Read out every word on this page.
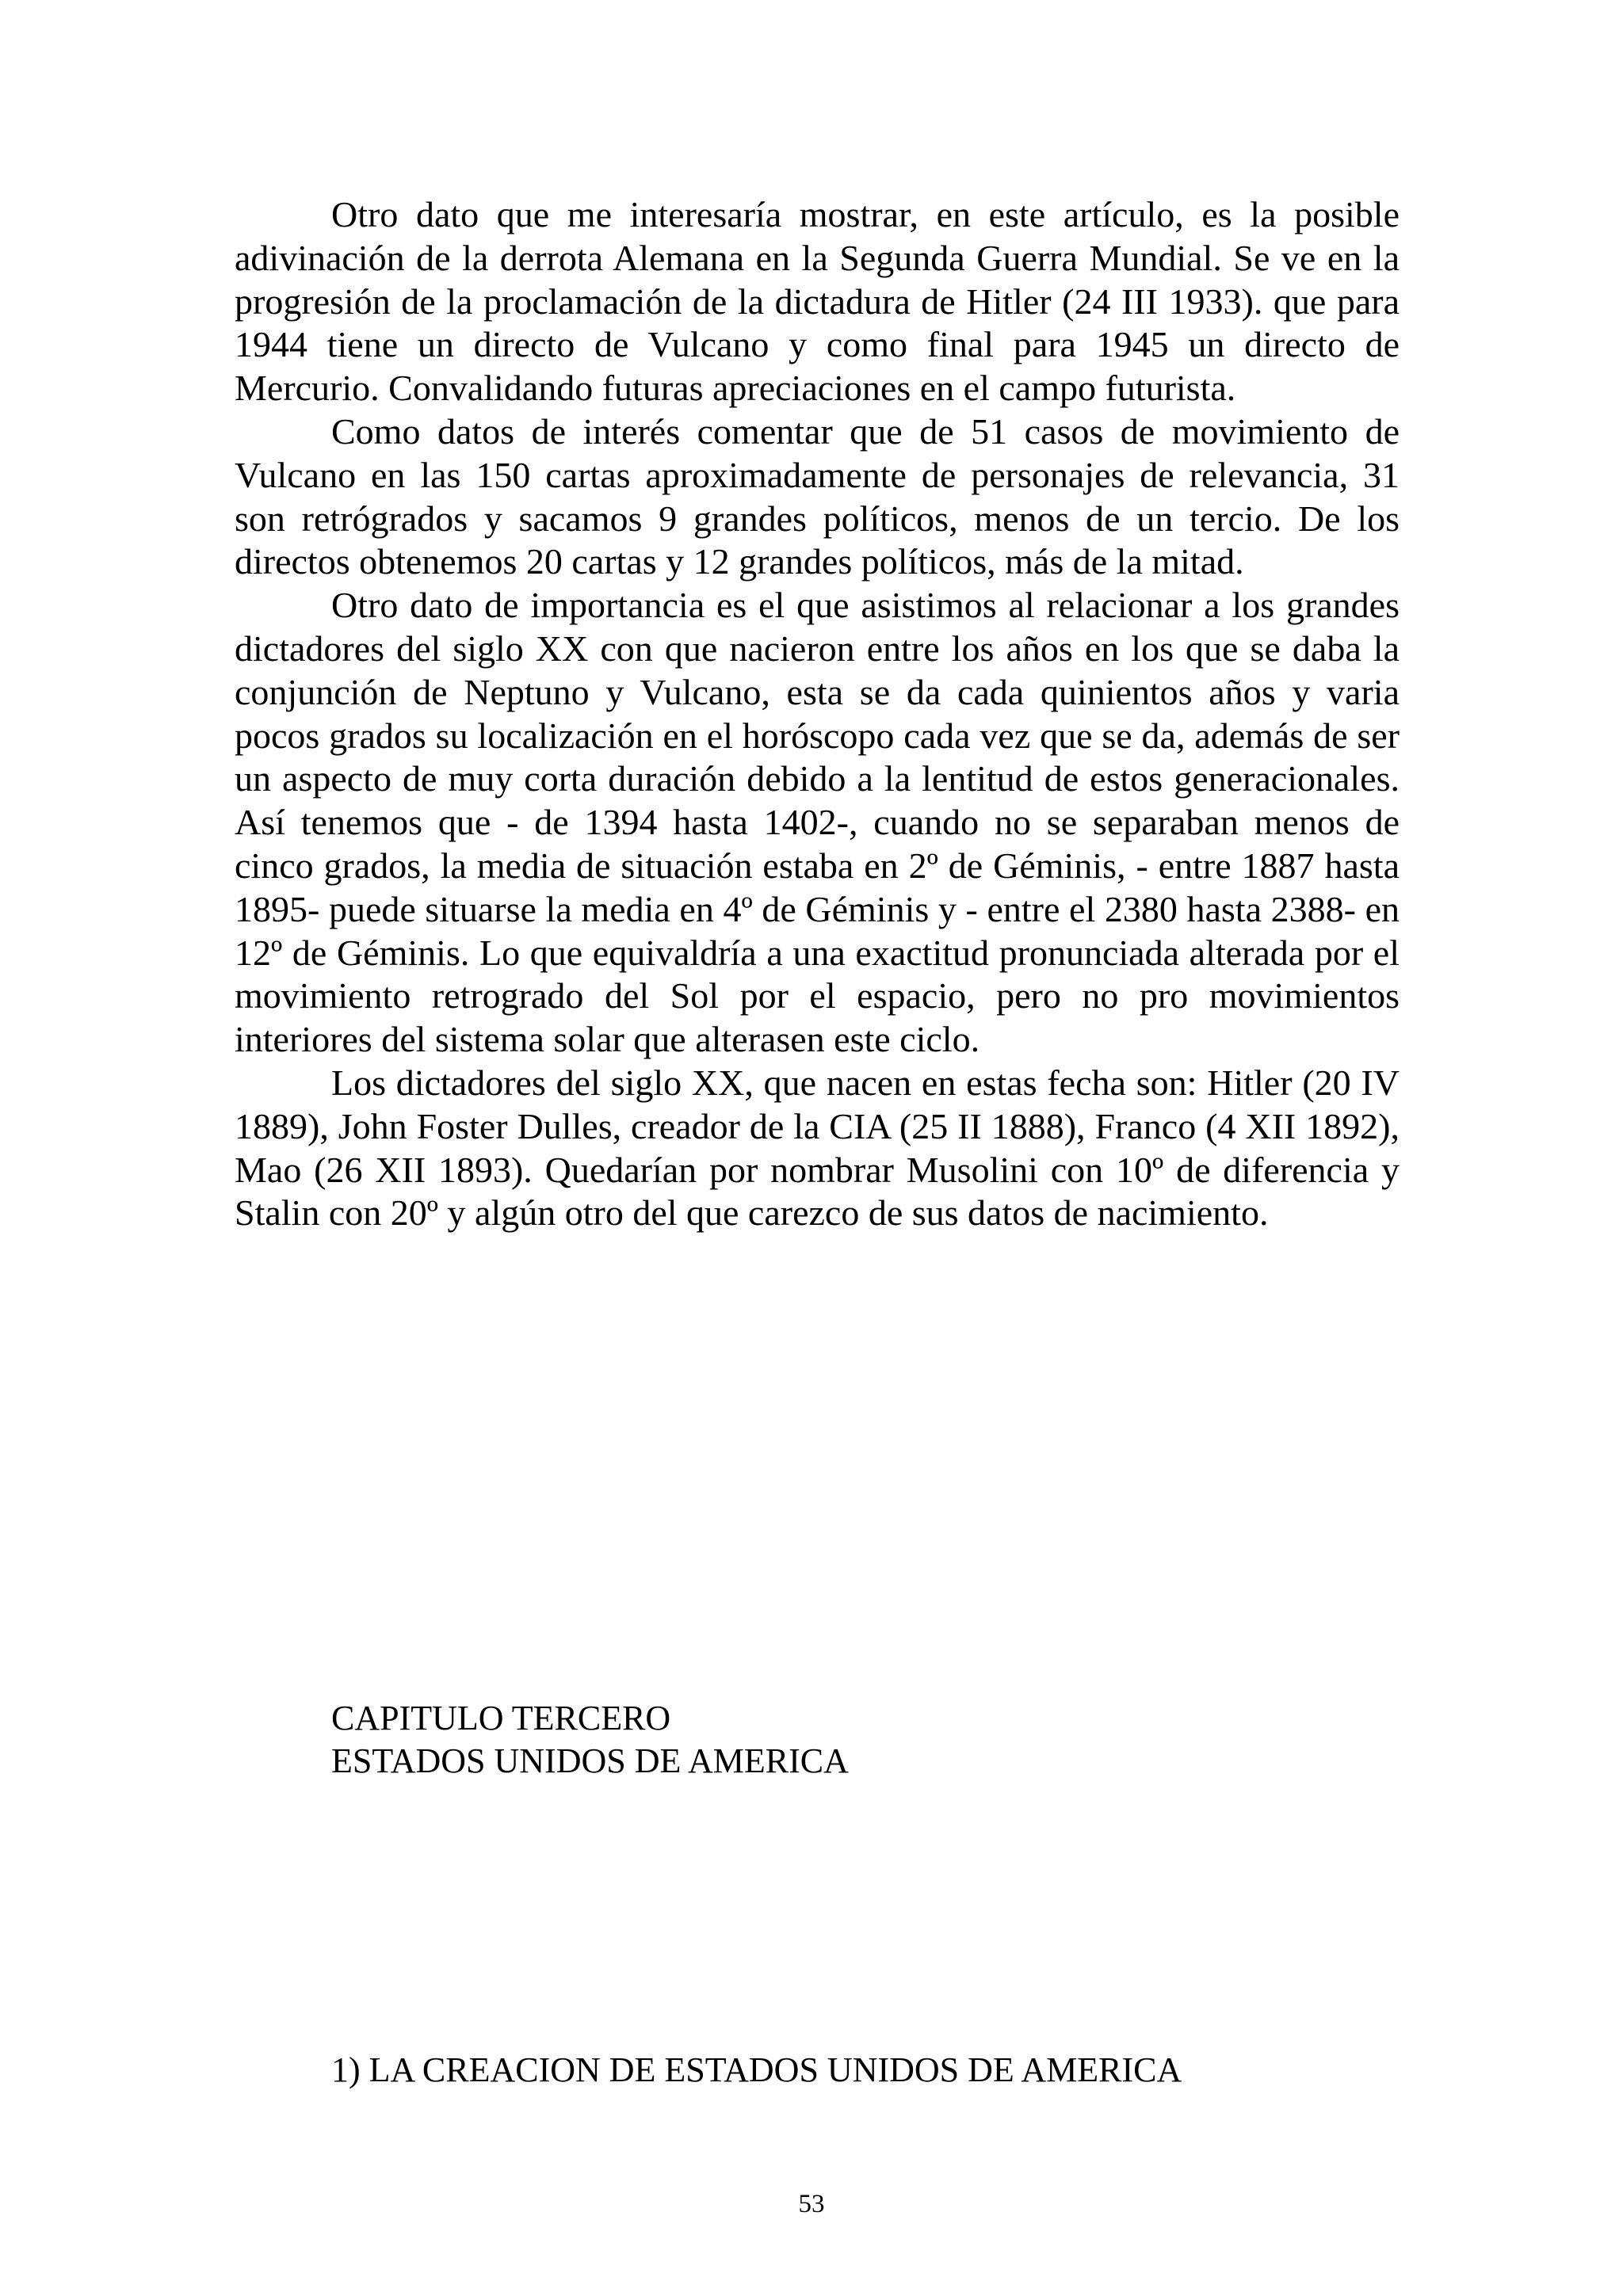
Otro dato que me interesaría mostrar, en este artículo, es la posible adivinación de la derrota Alemana en la Segunda Guerra Mundial. Se ve en la progresión de la proclamación de la dictadura de Hitler (24 III 1933). que para 1944 tiene un directo de Vulcano y como final para 1945 un directo de Mercurio. Convalidando futuras apreciaciones en el campo futurista.

Como datos de interés comentar que de 51 casos de movimiento de Vulcano en las 150 cartas aproximadamente de personajes de relevancia, 31 son retrógrados y sacamos 9 grandes políticos, menos de un tercio. De los directos obtenemos 20 cartas y 12 grandes políticos, más de la mitad.

Otro dato de importancia es el que asistimos al relacionar a los grandes dictadores del siglo XX con que nacieron entre los años en los que se daba la conjunción de Neptuno y Vulcano, esta se da cada quinientos años y varia pocos grados su localización en el horóscopo cada vez que se da, además de ser un aspecto de muy corta duración debido a la lentitud de estos generacionales. Así tenemos que - de 1394 hasta 1402-, cuando no se separaban menos de cinco grados, la media de situación estaba en 2º de Géminis, - entre 1887 hasta 1895- puede situarse la media en 4º de Géminis y - entre el 2380 hasta 2388- en 12º de Géminis. Lo que equivaldría a una exactitud pronunciada alterada por el movimiento retrogrado del Sol por el espacio, pero no pro movimientos interiores del sistema solar que alterasen este ciclo.

Los dictadores del siglo XX, que nacen en estas fecha son: Hitler (20 IV 1889), John Foster Dulles, creador de la CIA (25 II 1888), Franco (4 XII 1892), Mao (26 XII 1893). Quedarían por nombrar Musolini con 10º de diferencia y Stalin con 20º y algún otro del que carezco de sus datos de nacimiento.

CAPITULO TERCERO
ESTADOS UNIDOS DE AMERICA
1) LA CREACION DE ESTADOS UNIDOS DE AMERICA
53
